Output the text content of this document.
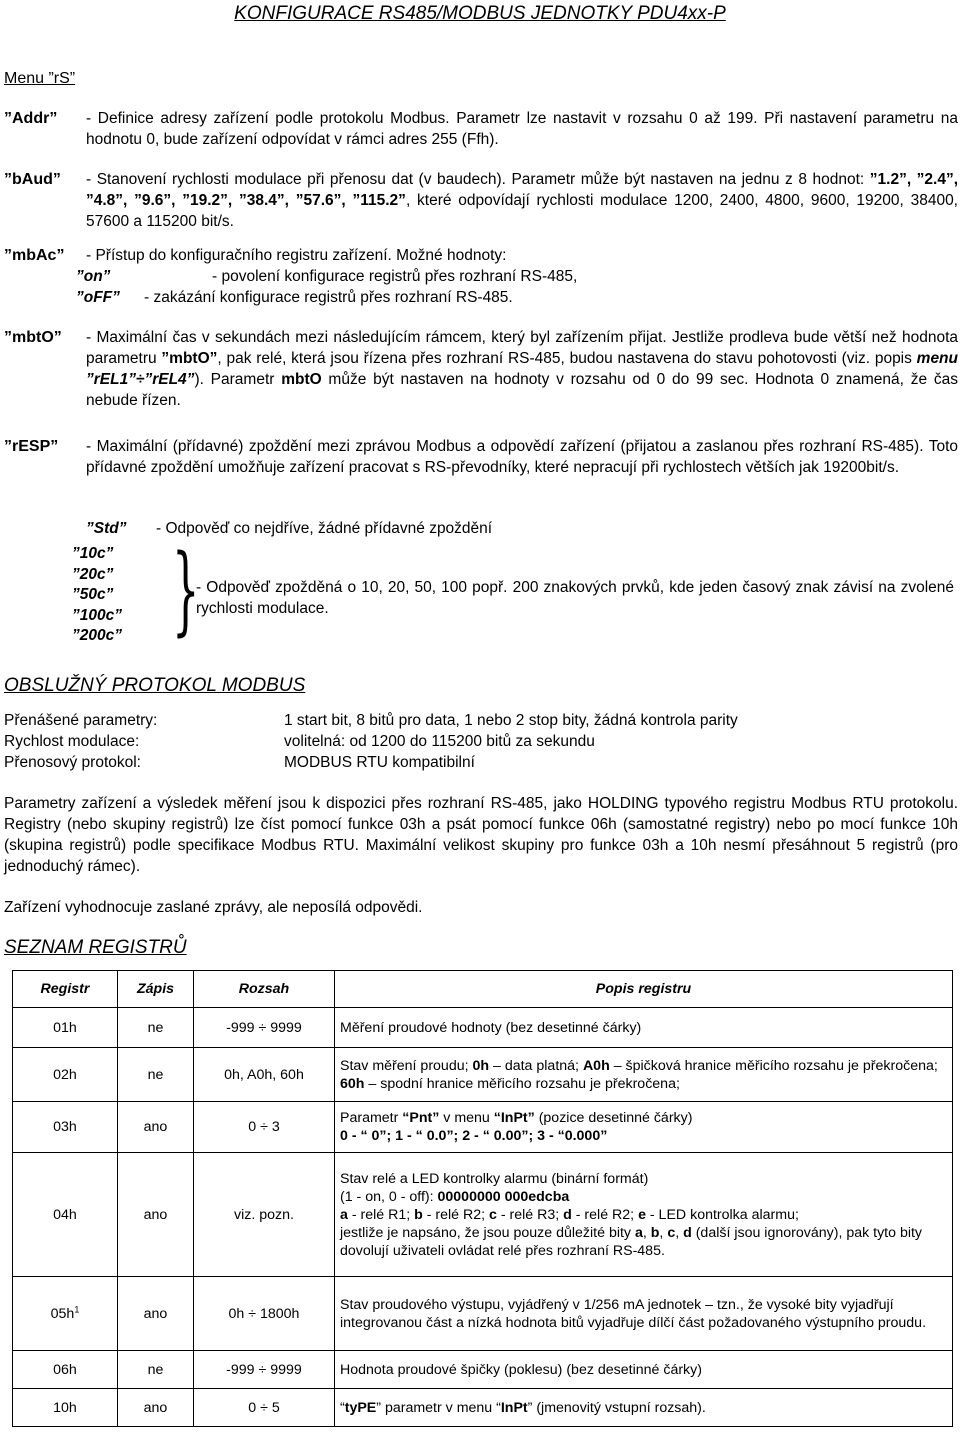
KONFIGURACE RS485/MODBUS JEDNOTKY PDU4xx-P
Menu ”rS”
”Addr” - Definice adresy zařízení podle protokolu Modbus. Parametr lze nastavit v rozsahu 0 až 199. Při nastavení parametru na hodnotu 0, bude zařízení odpovídat v rámci adres 255 (Ffh).
”bAud” - Stanovení rychlosti modulace při přenosu dat (v baudech). Parametr může být nastaven na jednu z 8 hodnot: ”1.2”, ”2.4”, ”4.8”, ”9.6”, ”19.2”, ”38.4”, ”57.6”, ”115.2”, které odpovídají rychlosti modulace 1200, 2400, 4800, 9600, 19200, 38400, 57600 a 115200 bit/s.
”mbAc” - Přístup do konfiguračního registru zařízení. Možné hodnoty:
”on”	- povolení konfigurace registrů přes rozhraní RS-485,
”oFF” - zakázání konfigurace registrů přes rozhraní RS-485.
”mbtO” - Maximální čas v sekundách mezi následujícím rámcem, který byl zařízením přijat. Jestliže prodleva bude větší než hodnota parametru ”mbtO”, pak relé, která jsou řízena přes rozhraní RS-485, budou nastavena do stavu pohotovosti (viz. popis menu ”rEL1”÷”rEL4”). Parametr mbtO může být nastaven na hodnoty v rozsahu od 0 do 99 sec. Hodnota 0 znamená, že čas nebude řízen.
”rESP” - Maximální (přídavné) zpoždění mezi zprávou Modbus a odpovědí zařízení (přijatou a zaslanou přes rozhraní RS-485). Toto přídavné zpoždění umožňuje zařízení pracovat s RS-převodníky, které nepracují při rychlostech větších jak 19200bit/s.
”Std” - Odpověď co nejdříve, žádné přídavné zpoždění
”10c”
”20c”
”50c”
”100c”
”200c” }
- Odpověď zpožděná o 10, 20, 50, 100 popř. 200 znakových prvků, kde jeden časový znak závisí na zvolené rychlosti modulace.
OBSLUŽNÝ PROTOKOL MODBUS
Přenášené parametry:	1 start bit, 8 bitů pro data, 1 nebo 2 stop bity, žádná kontrola parity
Rychlost modulace:	volitelná: od 1200 do 115200 bitů za sekundu
Přenosový protokol:	MODBUS RTU kompatibilní
Parametry zařízení a výsledek měření jsou k dispozici přes rozhraní RS-485, jako HOLDING typového registru Modbus RTU protokolu. Registry (nebo skupiny registrů) lze číst pomocí funkce 03h a psát pomocí funkce 06h (samostatné registry) nebo po mocí funkce 10h (skupina registrů) podle specifikace Modbus RTU. Maximální velikost skupiny pro funkce 03h a 10h nesmí přesáhnout 5 registrů (pro jednoduchý rámec).
Zařízení vyhodnocuje zaslané zprávy, ale neposílá odpovědi.
SEZNAM REGISTRŮ
Registr	Zápis	Rozsah	Popis registru
01h	ne	-999 ÷ 9999	Měření proudové hodnoty (bez desetinné čárky)
02h	ne	0h, A0h, 60h	Stav měření proudu; 0h – data platná; A0h – špičková hranice měřicího rozsahu je překročena; 60h – spodní hranice měřicího rozsahu je překročena;
03h	ano	0 ÷ 3	Parametr “Pnt” v menu “InPt” (pozice desetinné čárky)
0 - “ 0”; 1 - “ 0.0”; 2 - “ 0.00”; 3 - “0.000”

04h	ano	viz. pozn.	Stav relé a LED kontrolky alarmu (binární formát)
(1 - on, 0 - off): 00000000 000edcba
a - relé R1; b - relé R2; c - relé R3; d - relé R2; e - LED kontrolka alarmu;
jestliže je napsáno, že jsou pouze důležité bity a, b, c, d (další jsou ignorovány), pak tyto bity dovolují uživateli ovládat relé přes rozhraní RS-485.

$05h^1$	ano	0h ÷ 1800h	Stav proudového výstupu, vyjádřený v 1/256 mA jednotek – tzn., že vysoké bity vyjadřují integrovanou část a nízká hodnota bitů vyjadřuje dílčí část požadovaného výstupního proudu.
06h	ne	-999 ÷ 9999	Hodnota proudové špičky (poklesu) (bez desetinné čárky)
10h	ano	0 ÷ 5	“tyPE” parametr v menu “InPt” (jmenovitý vstupní rozsah).
